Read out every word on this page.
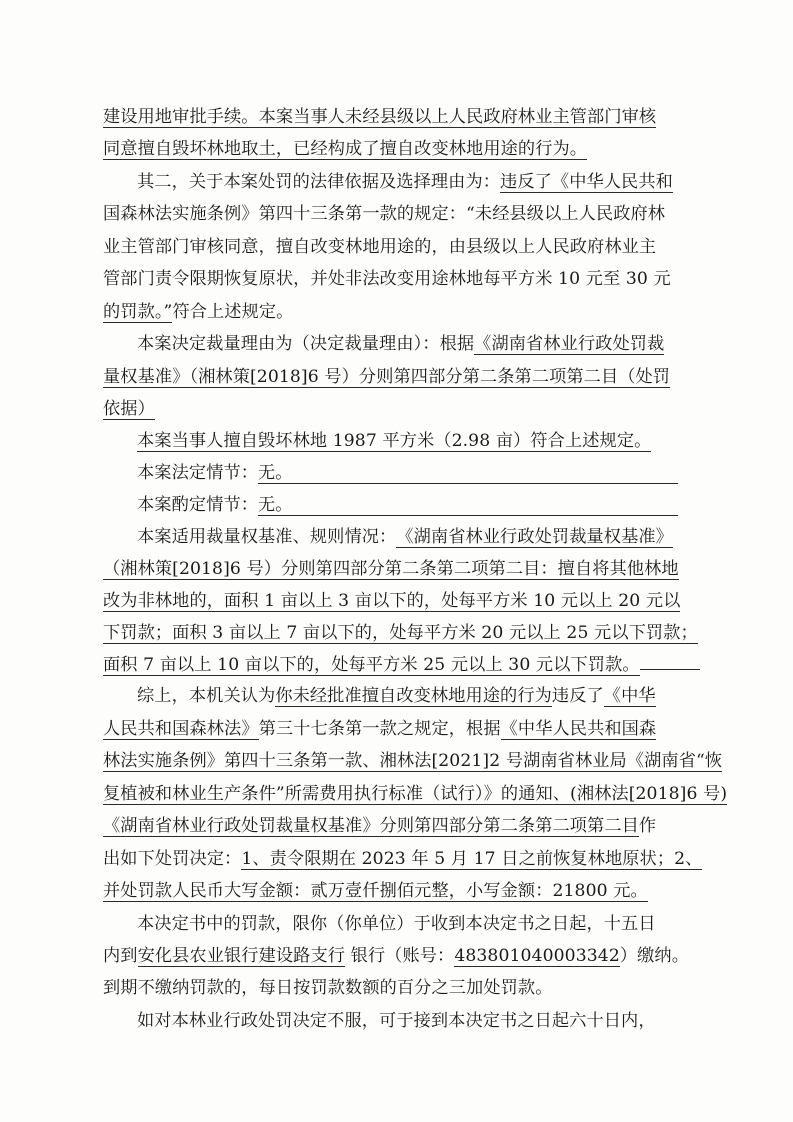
建设用地审批手续。本案当事人未经县级以上人民政府林业主管部门审核
同意擅自毁坏林地取土，已经构成了擅自改变林地用途的行为。
其二，关于本案处罚的法律依据及选择理由为：违反了《中华人民共和
国森林法实施条例》第四十三条第一款的规定：“未经县级以上人民政府林
业主管部门审核同意，擅自改变林地用途的，由县级以上人民政府林业主
管部门责令限期恢复原状，并处非法改变用途林地每平方米 10 元至 30 元
的罚款。”符合上述规定。
本案决定裁量理由为（决定裁量理由）：根据《湖南省林业行政处罚裁
量权基准》（湘林策[2018]6 号）分则第四部分第二条第二项第二目（处罚
依据）
本案当事人擅自毁坏林地 1987 平方米（2.98 亩）符合上述规定。
本案法定情节：无。
本案酌定情节：无。
本案适用裁量权基准、规则情况：《湖南省林业行政处罚裁量权基准》
（湘林策[2018]6 号）分则第四部分第二条第二项第二目：擅自将其他林地
改为非林地的，面积 1 亩以上 3 亩以下的，处每平方米 10 元以上 20 元以
下罚款；面积 3 亩以上 7 亩以下的，处每平方米 20 元以上 25 元以下罚款；
面积 7 亩以上 10 亩以下的，处每平方米 25 元以上 30 元以下罚款。
综上，本机关认为你未经批准擅自改变林地用途的行为违反了《中华
人民共和国森林法》第三十七条第一款之规定，根据《中华人民共和国森
林法实施条例》第四十三条第一款、湘林法[2021]2 号湖南省林业局《湖南省“恢
复植被和林业生产条件”所需费用执行标准（试行）》的通知、(湘林法[2018]6 号)
《湖南省林业行政处罚裁量权基准》分则第四部分第二条第二项第二目作
出如下处罚决定：1、责令限期在 2023 年 5 月 17 日之前恢复林地原状；2、
并处罚款人民币大写金额：贰万壹仟捌佰元整，小写金额：21800 元。
本决定书中的罚款，限你（你单位）于收到本决定书之日起，十五日
内到安化县农业银行建设路支行 银行（账号：483801040003342）缴纳。
到期不缴纳罚款的，每日按罚款数额的百分之三加处罚款。
如对本林业行政处罚决定不服，可于接到本决定书之日起六十日内，
